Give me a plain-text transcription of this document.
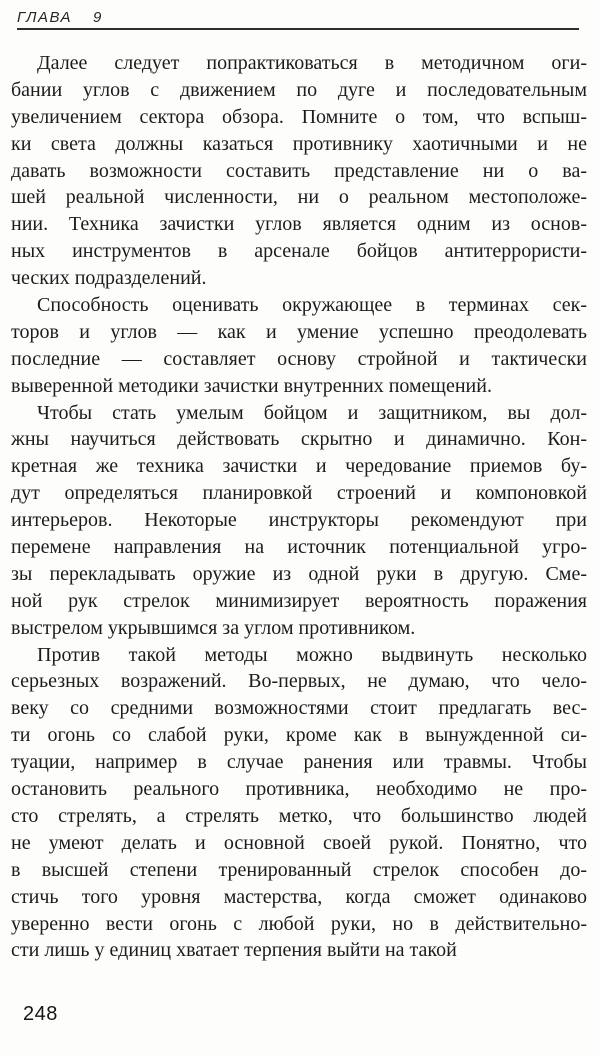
ГЛАВА 9
Далее следует попрактиковаться в методичном оги-
бании углов с движением по дуге и последовательным
увеличением сектора обзора. Помните о том, что вспыш-
ки света должны казаться противнику хаотичными и не
давать возможности составить представление ни о ва-
шей реальной численности, ни о реальном местоположе-
нии. Техника зачистки углов является одним из основ-
ных инструментов в арсенале бойцов антитеррористи-
ческих подразделений.
Способность оценивать окружающее в терминах сек-
торов и углов — как и умение успешно преодолевать
последние — составляет основу стройной и тактически
выверенной методики зачистки внутренних помещений.
Чтобы стать умелым бойцом и защитником, вы дол-
жны научиться действовать скрытно и динамично. Кон-
кретная же техника зачистки и чередование приемов бу-
дут определяться планировкой строений и компоновкой
интерьеров. Некоторые инструкторы рекомендуют при
перемене направления на источник потенциальной угро-
зы перекладывать оружие из одной руки в другую. Сме-
ной рук стрелок минимизирует вероятность поражения
выстрелом укрывшимся за углом противником.
Против такой методы можно выдвинуть несколько
серьезных возражений. Во-первых, не думаю, что чело-
веку со средними возможностями стоит предлагать вес-
ти огонь со слабой руки, кроме как в вынужденной си-
туации, например в случае ранения или травмы. Чтобы
остановить реального противника, необходимо не про-
сто стрелять, а стрелять метко, что большинство людей
не умеют делать и основной своей рукой. Понятно, что
в высшей степени тренированный стрелок способен до-
стичь того уровня мастерства, когда сможет одинаково
уверенно вести огонь с любой руки, но в действительно-
сти лишь у единиц хватает терпения выйти на такой
248
